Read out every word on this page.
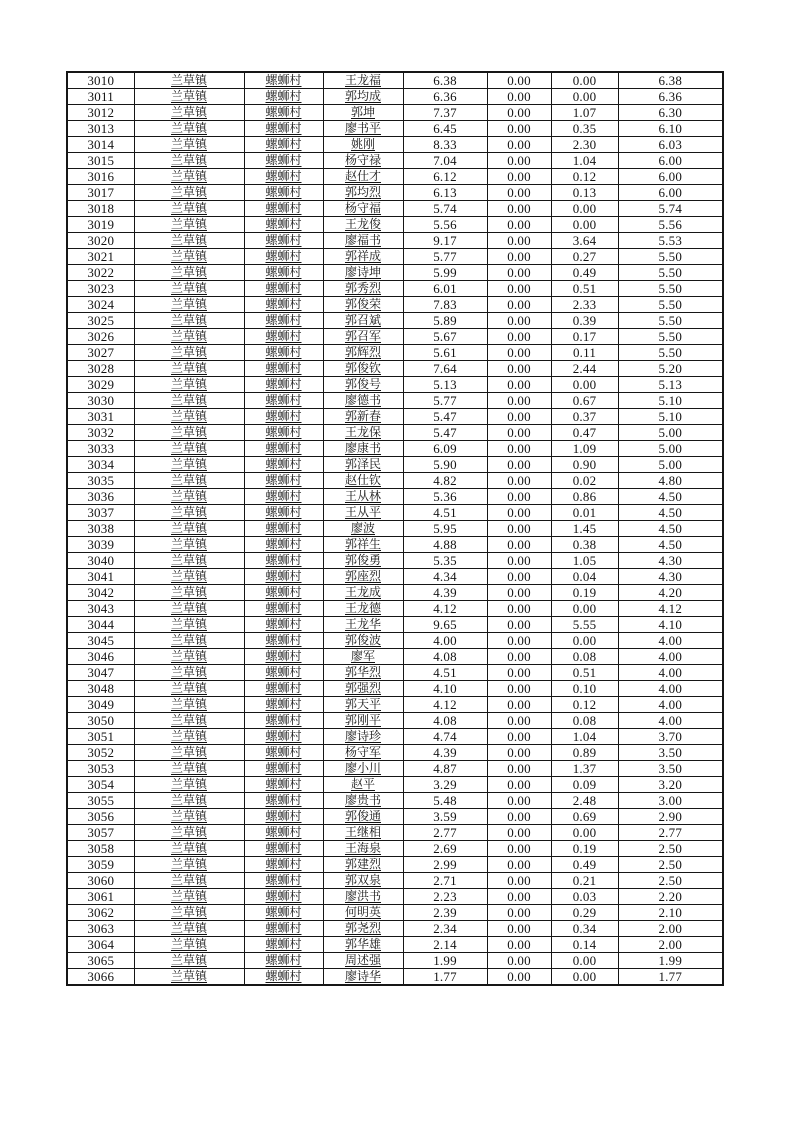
3010	兰草镇	螺蛳村	王龙福	6.38	0.00	0.00	6.38
3011	兰草镇	螺蛳村	郭均成	6.36	0.00	0.00	6.36
3012	兰草镇	螺蛳村	郭坤	7.37	0.00	1.07	6.30
3013	兰草镇	螺蛳村	廖书平	6.45	0.00	0.35	6.10
3014	兰草镇	螺蛳村	姚刚	8.33	0.00	2.30	6.03
3015	兰草镇	螺蛳村	杨守禄	7.04	0.00	1.04	6.00
3016	兰草镇	螺蛳村	赵仕才	6.12	0.00	0.12	6.00
3017	兰草镇	螺蛳村	郭均烈	6.13	0.00	0.13	6.00
3018	兰草镇	螺蛳村	杨守福	5.74	0.00	0.00	5.74
3019	兰草镇	螺蛳村	王龙俊	5.56	0.00	0.00	5.56
3020	兰草镇	螺蛳村	廖福书	9.17	0.00	3.64	5.53
3021	兰草镇	螺蛳村	郭祥成	5.77	0.00	0.27	5.50
3022	兰草镇	螺蛳村	廖诗坤	5.99	0.00	0.49	5.50
3023	兰草镇	螺蛳村	郭秀烈	6.01	0.00	0.51	5.50
3024	兰草镇	螺蛳村	郭俊荣	7.83	0.00	2.33	5.50
3025	兰草镇	螺蛳村	郭召斌	5.89	0.00	0.39	5.50
3026	兰草镇	螺蛳村	郭召军	5.67	0.00	0.17	5.50
3027	兰草镇	螺蛳村	郭辉烈	5.61	0.00	0.11	5.50
3028	兰草镇	螺蛳村	郭俊钦	7.64	0.00	2.44	5.20
3029	兰草镇	螺蛳村	郭俊号	5.13	0.00	0.00	5.13
3030	兰草镇	螺蛳村	廖德书	5.77	0.00	0.67	5.10
3031	兰草镇	螺蛳村	郭新春	5.47	0.00	0.37	5.10
3032	兰草镇	螺蛳村	王龙保	5.47	0.00	0.47	5.00
3033	兰草镇	螺蛳村	廖康书	6.09	0.00	1.09	5.00
3034	兰草镇	螺蛳村	郭泽民	5.90	0.00	0.90	5.00
3035	兰草镇	螺蛳村	赵仕钦	4.82	0.00	0.02	4.80
3036	兰草镇	螺蛳村	王从林	5.36	0.00	0.86	4.50
3037	兰草镇	螺蛳村	王从平	4.51	0.00	0.01	4.50
3038	兰草镇	螺蛳村	廖波	5.95	0.00	1.45	4.50
3039	兰草镇	螺蛳村	郭祥生	4.88	0.00	0.38	4.50
3040	兰草镇	螺蛳村	郭俊勇	5.35	0.00	1.05	4.30
3041	兰草镇	螺蛳村	郭座烈	4.34	0.00	0.04	4.30
3042	兰草镇	螺蛳村	王龙成	4.39	0.00	0.19	4.20
3043	兰草镇	螺蛳村	王龙德	4.12	0.00	0.00	4.12
3044	兰草镇	螺蛳村	王龙华	9.65	0.00	5.55	4.10
3045	兰草镇	螺蛳村	郭俊波	4.00	0.00	0.00	4.00
3046	兰草镇	螺蛳村	廖军	4.08	0.00	0.08	4.00
3047	兰草镇	螺蛳村	郭华烈	4.51	0.00	0.51	4.00
3048	兰草镇	螺蛳村	郭强烈	4.10	0.00	0.10	4.00
3049	兰草镇	螺蛳村	郭天平	4.12	0.00	0.12	4.00
3050	兰草镇	螺蛳村	郭刚平	4.08	0.00	0.08	4.00
3051	兰草镇	螺蛳村	廖诗珍	4.74	0.00	1.04	3.70
3052	兰草镇	螺蛳村	杨守军	4.39	0.00	0.89	3.50
3053	兰草镇	螺蛳村	廖小川	4.87	0.00	1.37	3.50
3054	兰草镇	螺蛳村	赵平	3.29	0.00	0.09	3.20
3055	兰草镇	螺蛳村	廖贵书	5.48	0.00	2.48	3.00
3056	兰草镇	螺蛳村	郭俊通	3.59	0.00	0.69	2.90
3057	兰草镇	螺蛳村	王继相	2.77	0.00	0.00	2.77
3058	兰草镇	螺蛳村	王海泉	2.69	0.00	0.19	2.50
3059	兰草镇	螺蛳村	郭建烈	2.99	0.00	0.49	2.50
3060	兰草镇	螺蛳村	郭双泉	2.71	0.00	0.21	2.50
3061	兰草镇	螺蛳村	廖洪书	2.23	0.00	0.03	2.20
3062	兰草镇	螺蛳村	何明英	2.39	0.00	0.29	2.10
3063	兰草镇	螺蛳村	郭尧烈	2.34	0.00	0.34	2.00
3064	兰草镇	螺蛳村	郭华雄	2.14	0.00	0.14	2.00
3065	兰草镇	螺蛳村	周述强	1.99	0.00	0.00	1.99
3066	兰草镇	螺蛳村	廖诗华	1.77	0.00	0.00	1.77
